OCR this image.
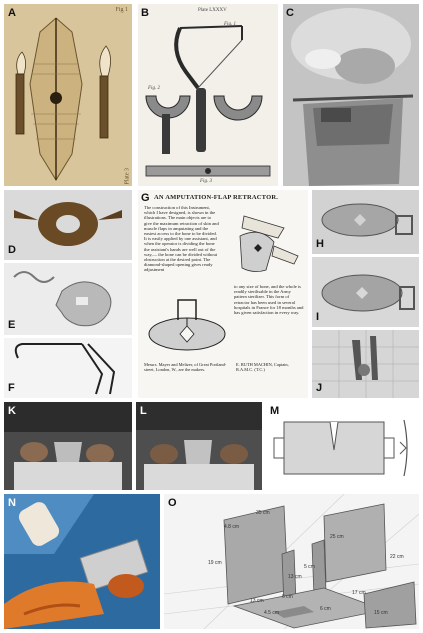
A
Plate 3
Fig 1 B	Plate LXXXV
Fig. 1
Fig. 2
Fig. 3
C
D
E
F
G AN AMPUTATION-FLAP RETRACTOR.
The construction of this Instrument, which I have designed, is shown in the illustrations. The main objects are to give the maximum retraction of skin and muscle flaps in amputating and the easiest access to the bone to be divided. It is easily applied by one assistant, and when the operator is dividing the bone the assistant's hands are well out of the way,— the bone can be divided without obstruction at the desired point. The diamond-shaped opening gives ready adjustment
to any size of bone, and the whole is readily sterilisable in the Army pattern sterilizer. This form of retractor has been used in several hospitals in France for 18 months and has given satisfaction in every way.
Messrs. Mayer and Meltzer, of Great Portland-street, London, W., are the makers.
E. RUTH MACHIN, Captain, R.A.M.C. (T.C.)
H
I
J
K	L	M
N	O
4.8 cm
35 cm
19 cm
25 cm
13 cm
5 cm
6 cm
17 cm
13 cm
4.5 cm
6 cm
15 cm
22 cm
